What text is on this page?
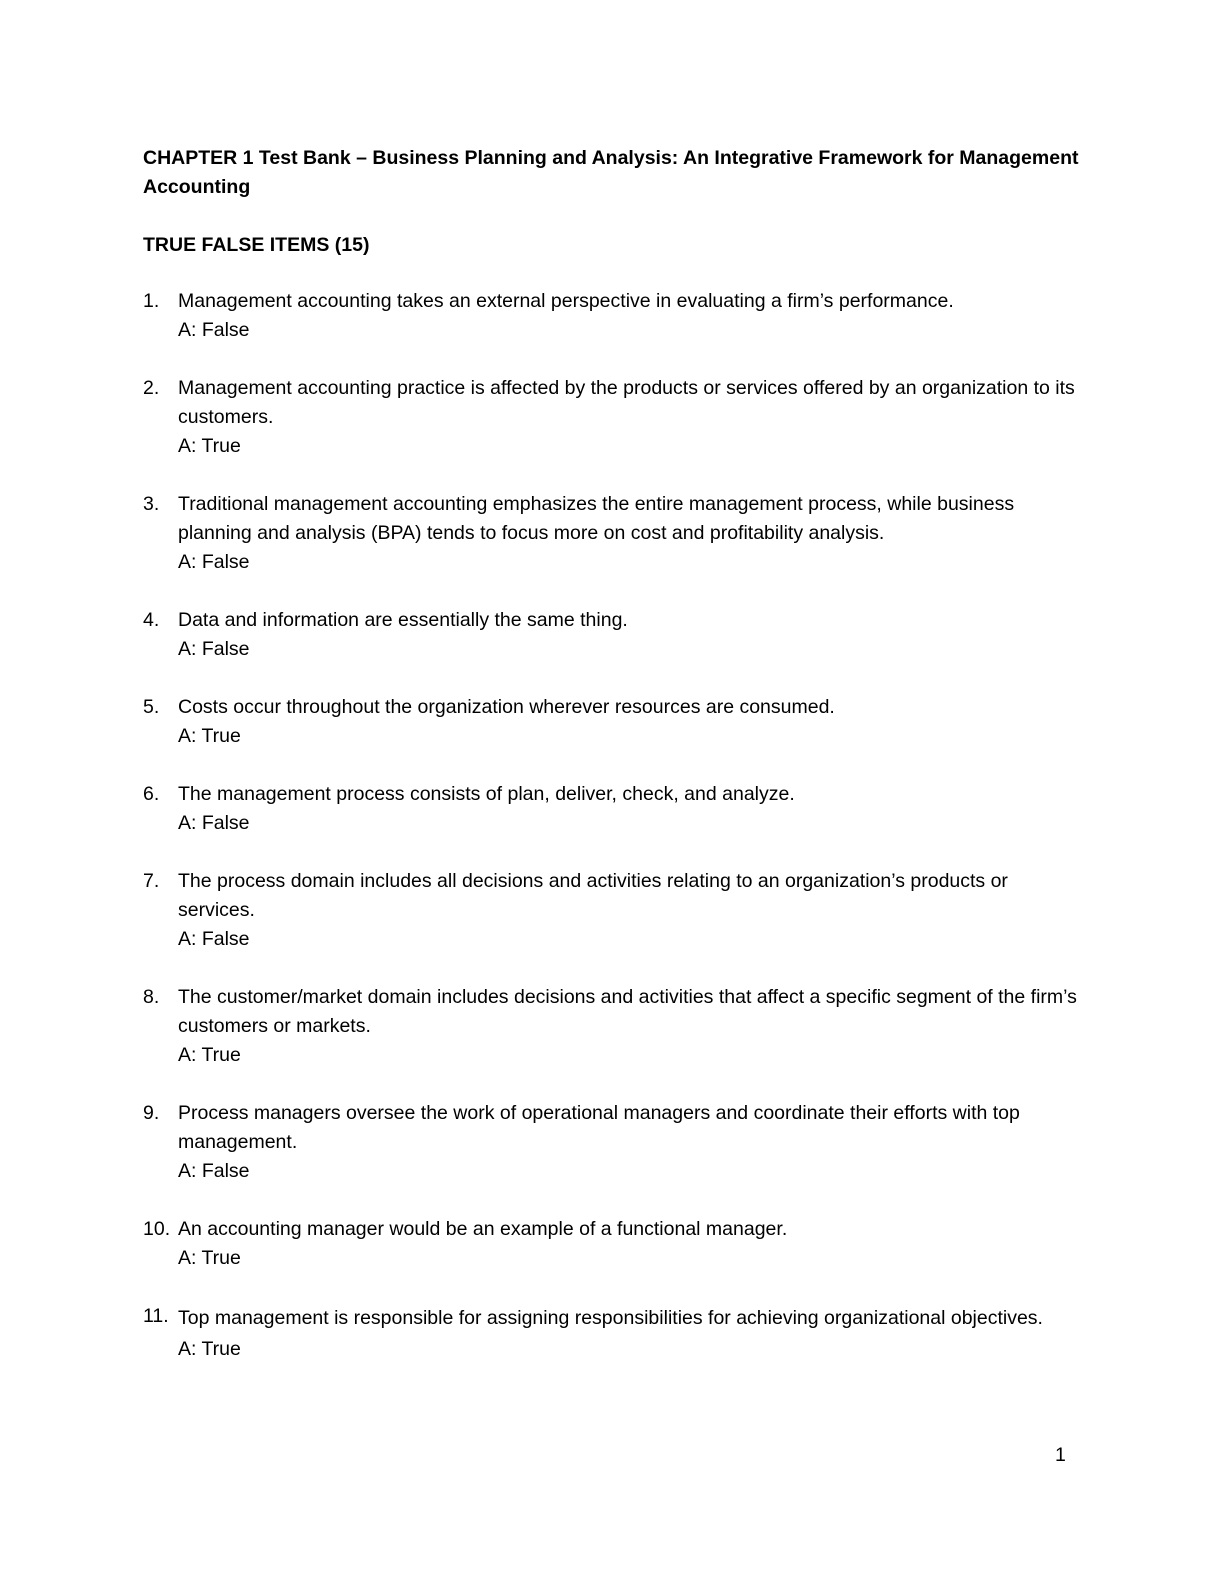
CHAPTER 1 Test Bank – Business Planning and Analysis: An Integrative Framework for Management Accounting

TRUE FALSE ITEMS (15)

1. Management accounting takes an external perspective in evaluating a firm’s performance.
A: False
2. Management accounting practice is affected by the products or services offered by an organization to its customers.
A: True
3. Traditional management accounting emphasizes the entire management process, while business planning and analysis (BPA) tends to focus more on cost and profitability analysis.
A: False
4. Data and information are essentially the same thing.
A: False
5. Costs occur throughout the organization wherever resources are consumed.
A: True
6. The management process consists of plan, deliver, check, and analyze.
A: False
7. The process domain includes all decisions and activities relating to an organization’s products or services.
A: False
8. The customer/market domain includes decisions and activities that affect a specific segment of the firm’s customers or markets.
A: True
9. Process managers oversee the work of operational managers and coordinate their efforts with top management.
A: False
10. An accounting manager would be an example of a functional manager.
A: True
11. Top management is responsible for assigning responsibilities for achieving organizational objectives.
A: True
1
